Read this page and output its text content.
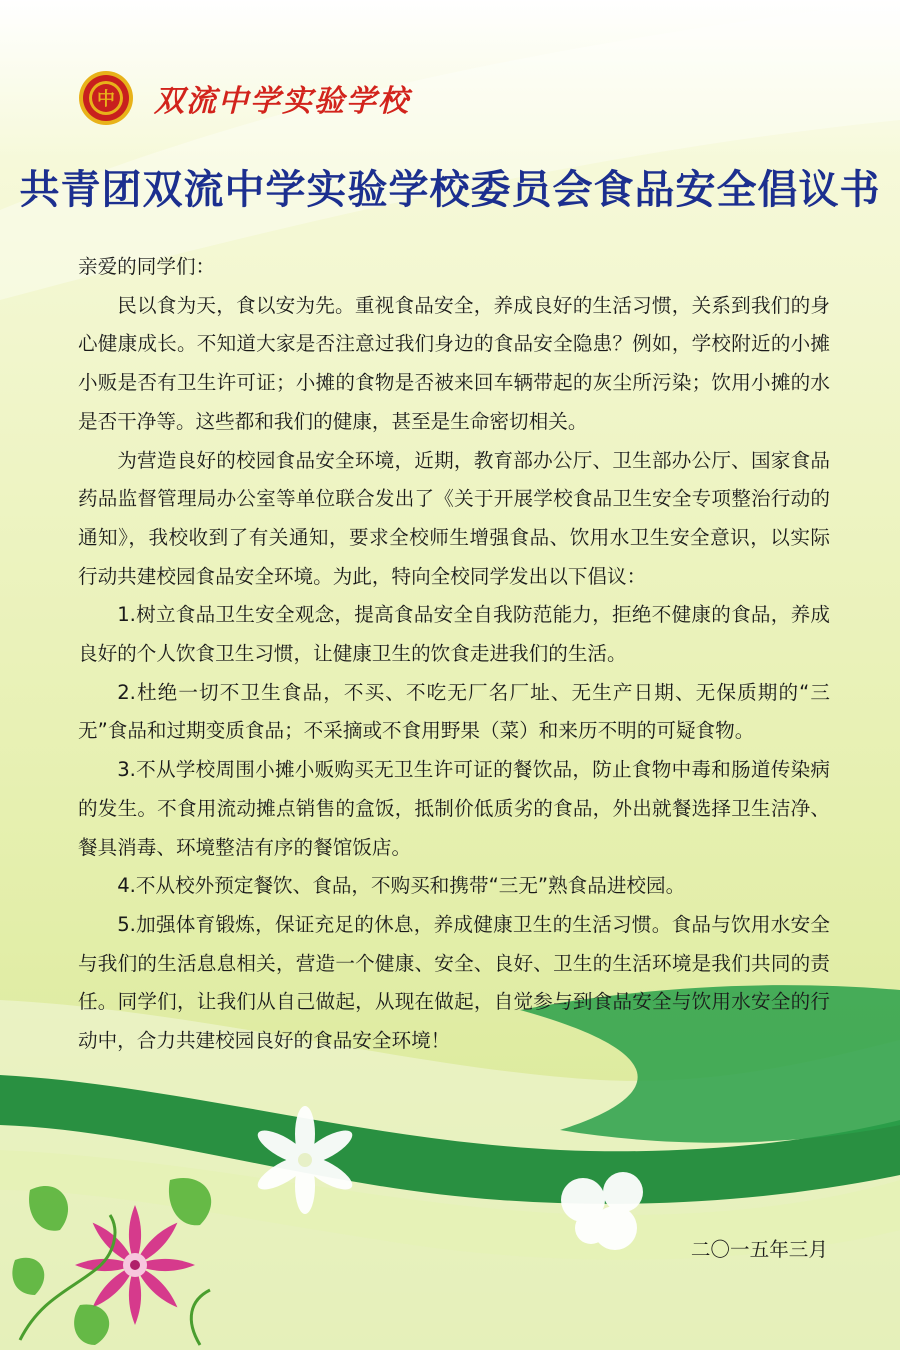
中 双流中学实验学校
共青团双流中学实验学校委员会食品安全倡议书

亲爱的同学们：

民以食为天，食以安为先。重视食品安全，养成良好的生活习惯，关系到我们的身心健康成长。不知道大家是否注意过我们身边的食品安全隐患？例如，学校附近的小摊小贩是否有卫生许可证；小摊的食物是否被来回车辆带起的灰尘所污染；饮用小摊的水是否干净等。这些都和我们的健康，甚至是生命密切相关。

为营造良好的校园食品安全环境，近期，教育部办公厅、卫生部办公厅、国家食品药品监督管理局办公室等单位联合发出了《关于开展学校食品卫生安全专项整治行动的通知》，我校收到了有关通知，要求全校师生增强食品、饮用水卫生安全意识，以实际行动共建校园食品安全环境。为此，特向全校同学发出以下倡议：

1.树立食品卫生安全观念，提高食品安全自我防范能力，拒绝不健康的食品，养成良好的个人饮食卫生习惯，让健康卫生的饮食走进我们的生活。

2.杜绝一切不卫生食品，不买、不吃无厂名厂址、无生产日期、无保质期的“三无”食品和过期变质食品；不采摘或不食用野果（菜）和来历不明的可疑食物。

3.不从学校周围小摊小贩购买无卫生许可证的餐饮品，防止食物中毒和肠道传染病的发生。不食用流动摊点销售的盒饭，抵制价低质劣的食品，外出就餐选择卫生洁净、餐具消毒、环境整洁有序的餐馆饭店。

4.不从校外预定餐饮、食品，不购买和携带“三无”熟食品进校园。

5.加强体育锻炼，保证充足的休息，养成健康卫生的生活习惯。食品与饮用水安全与我们的生活息息相关，营造一个健康、安全、良好、卫生的生活环境是我们共同的责任。同学们，让我们从自己做起，从现在做起，自觉参与到食品安全与饮用水安全的行动中，合力共建校园良好的食品安全环境！

二〇一五年三月
